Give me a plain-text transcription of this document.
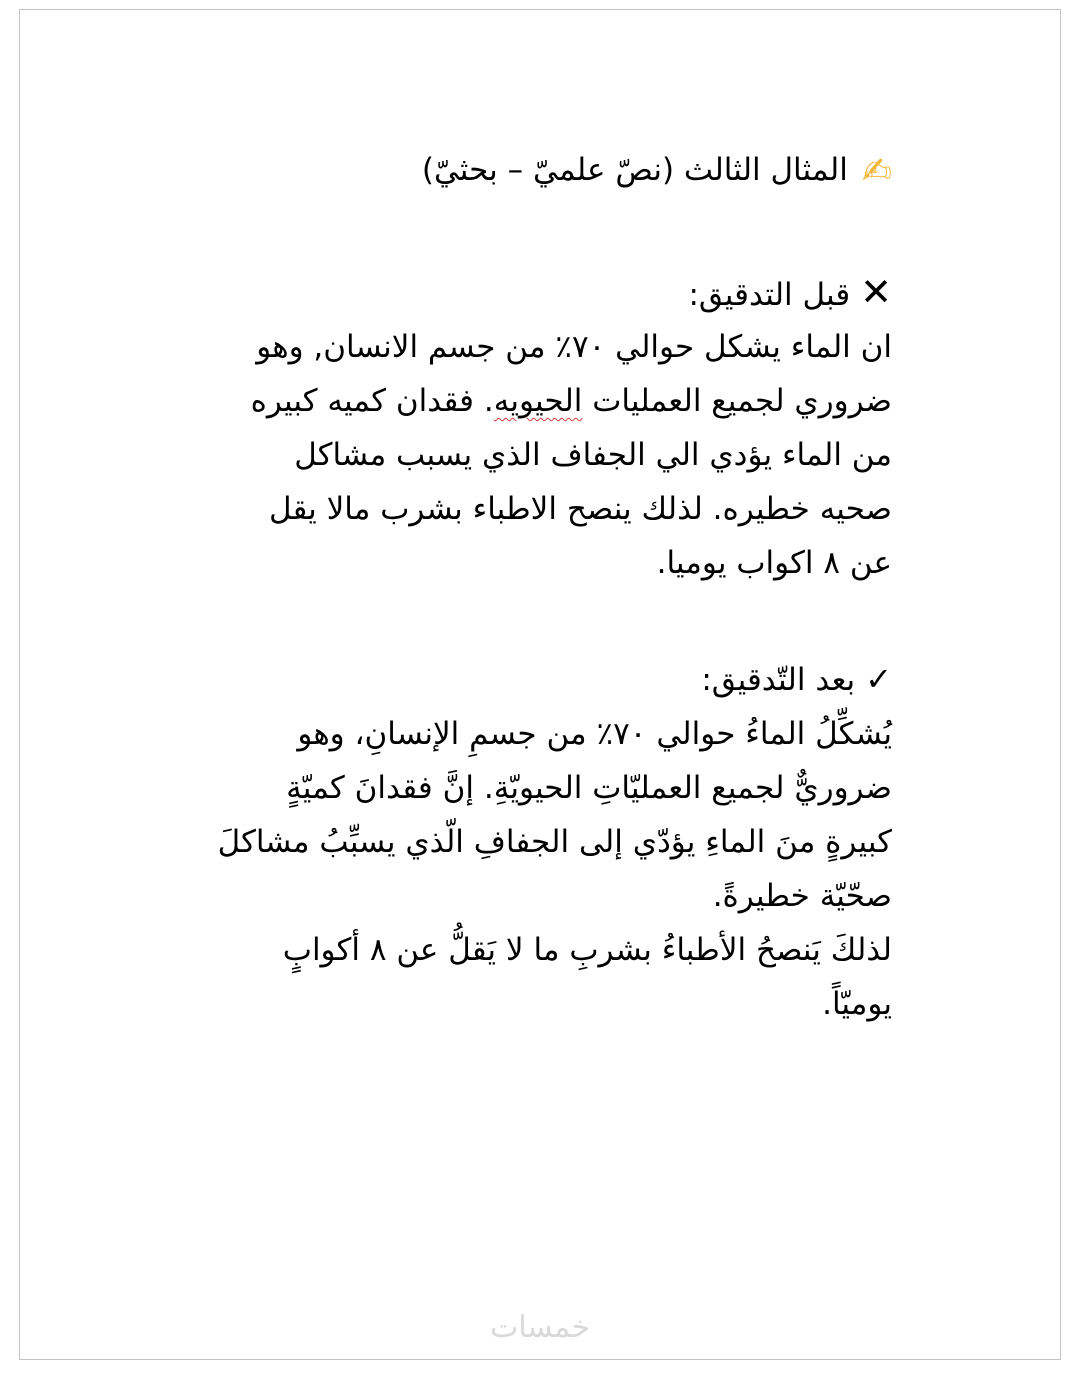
✍المثال الثالث (نصّ علميّ – بحثيّ)
✕قبل التدقيق:
ان الماء يشكل حوالي ٧٠٪ من جسم الانسان, وهو
ضروري لجميع العمليات الحيويه. فقدان كميه كبيره
من الماء يؤدي الي الجفاف الذي يسبب مشاكل
صحيه خطيره. لذلك ينصح الاطباء بشرب مالا يقل
عن ٨ اكواب يوميا.
✓بعد التّدقيق:
يُشكِّلُ الماءُ حوالي ٧٠٪ من جسمِ الإنسانِ، وهو
ضروريٌّ لجميع العمليّاتِ الحيويّةِ. إنَّ فقدانَ كميّةٍ
كبيرةٍ منَ الماءِ يؤدّي إلى الجفافِ الّذي يسبِّبُ مشاكلَ
صحّيّة خطيرةً.
لذلكَ يَنصحُ الأطباءُ بشربِ ما لا يَقلُّ عن ٨ أكوابٍ
يوميّاً.
خمسات
